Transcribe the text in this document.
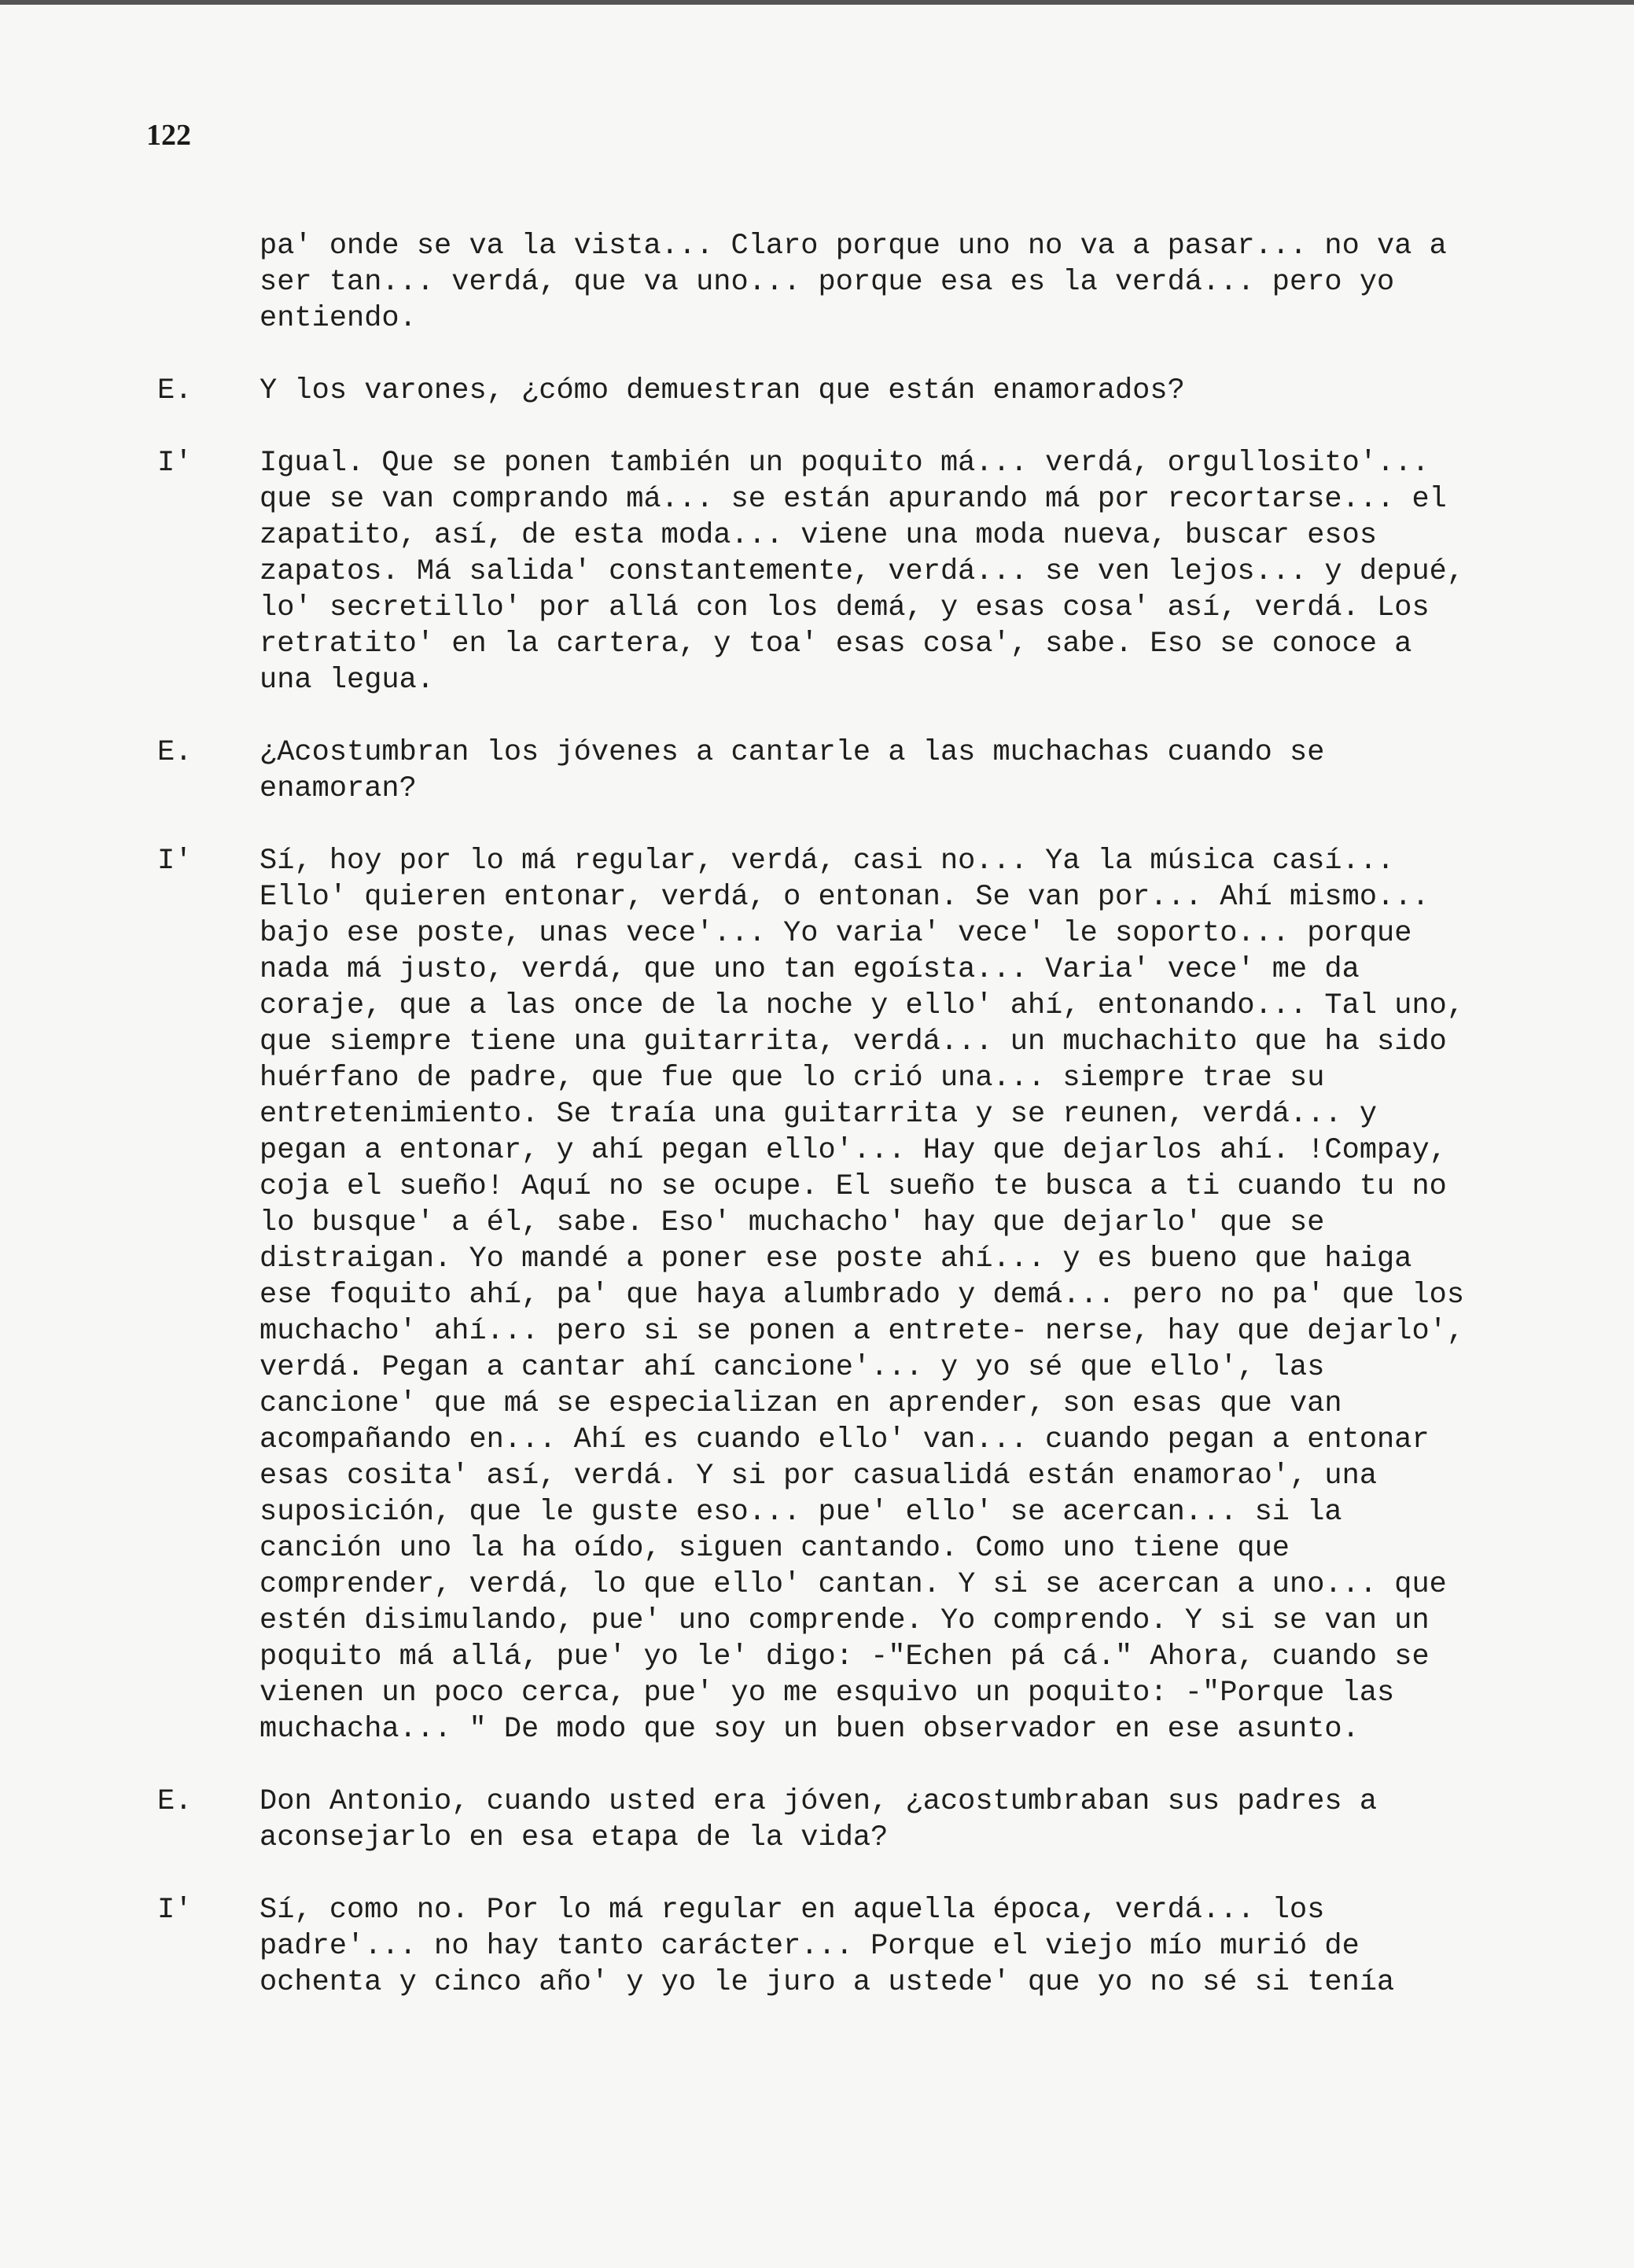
122
pa' onde se va la vista... Claro porque uno no va a pasar... no va a ser tan... verdá, que va uno... porque esa es la verdá... pero yo entiendo.
E.	Y los varones, ¿cómo demuestran que están enamorados?
I'	Igual. Que se ponen también un poquito má... verdá, orgullosito'... que se van comprando má... se están apurando má por recortarse... el zapatito, así, de esta moda... viene una moda nueva, buscar esos zapatos. Má salida' constantemente, verdá... se ven lejos... y depué, lo' secretillo' por allá con los demá, y esas cosa' así, verdá. Los retratito' en la cartera, y toa' esas cosa', sabe. Eso se conoce a una legua.
E.	¿Acostumbran los jóvenes a cantarle a las muchachas cuando se enamoran?
I'	Sí, hoy por lo má regular, verdá, casi no... Ya la música casí... Ello' quieren entonar, verdá, o entonan. Se van por... Ahí mismo... bajo ese poste, unas vece'... Yo varia' vece' le soporto... porque nada má justo, verdá, que uno tan egoísta... Varia' vece' me da coraje, que a las once de la noche y ello' ahí, entonando... Tal uno, que siempre tiene una guitarrita, verdá... un muchachito que ha sido huérfano de padre, que fue que lo crió una... siempre trae su entretenimiento. Se traía una guitarrita y se reunen, verdá... y pegan a entonar, y ahí pegan ello'... Hay que dejarlos ahí. !Compay, coja el sueño! Aquí no se ocupe. El sueño te busca a ti cuando tu no lo busque' a él, sabe. Eso' muchacho' hay que dejarlo' que se distraigan. Yo mandé a poner ese poste ahí... y es bueno que haiga ese foquito ahí, pa' que haya alumbrado y demá... pero no pa' que los muchacho' ahí... pero si se ponen a entrete- nerse, hay que dejarlo', verdá. Pegan a cantar ahí cancione'... y yo sé que ello', las cancione' que má se especializan en aprender, son esas que van acompañando en... Ahí es cuando ello' van... cuando pegan a entonar esas cosita' así, verdá. Y si por casualidá están enamorao', una suposición, que le guste eso... pue' ello' se acercan... si la canción uno la ha oído, siguen cantando. Como uno tiene que comprender, verdá, lo que ello' cantan. Y si se acercan a uno... que estén disimulando, pue' uno comprende. Yo comprendo. Y si se van un poquito má allá, pue' yo le' digo: -"Echen pá cá." Ahora, cuando se vienen un poco cerca, pue' yo me esquivo un poquito: -"Porque las muchacha... " De modo que soy un buen observador en ese asunto.
E.	Don Antonio, cuando usted era jóven, ¿acostumbraban sus padres a aconsejarlo en esa etapa de la vida?
I'	Sí, como no. Por lo má regular en aquella época, verdá... los padre'... no hay tanto carácter... Porque el viejo mío murió de ochenta y cinco año' y yo le juro a ustede' que yo no sé si tenía
